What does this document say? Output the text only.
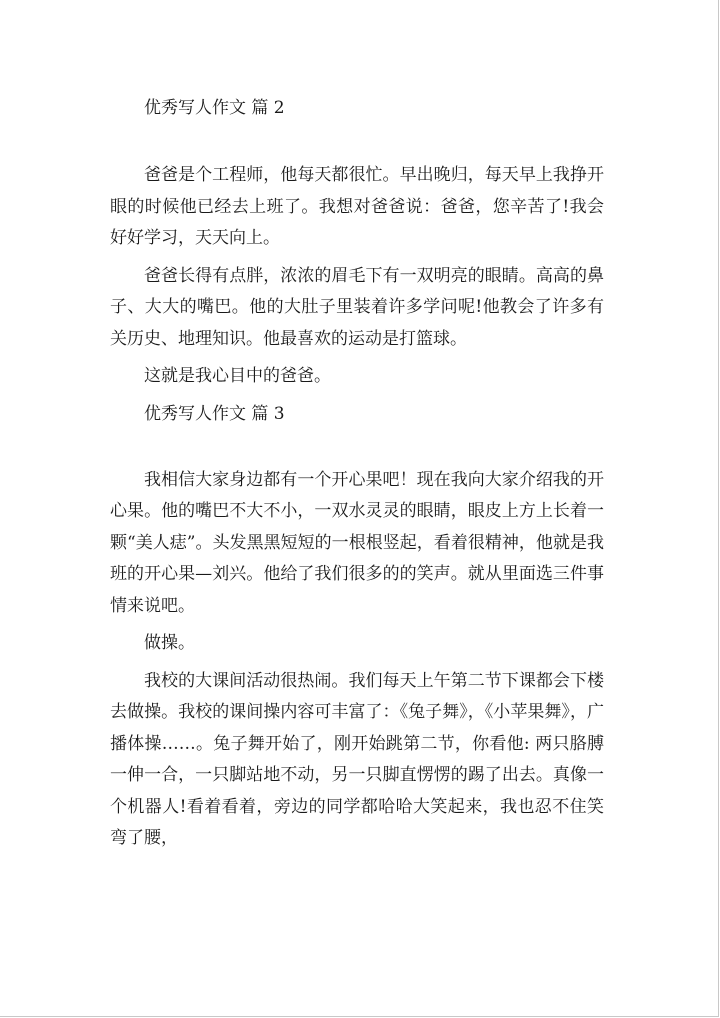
优秀写人作文 篇 2

爸爸是个工程师，他每天都很忙。早出晚归，每天早上我挣开眼的时候他已经去上班了。我想对爸爸说：爸爸，您辛苦了!我会好好学习，天天向上。

爸爸长得有点胖，浓浓的眉毛下有一双明亮的眼睛。高高的鼻子、大大的嘴巴。他的大肚子里装着许多学问呢!他教会了许多有关历史、地理知识。他最喜欢的运动是打篮球。

这就是我心目中的爸爸。

优秀写人作文 篇 3

我相信大家身边都有一个开心果吧！现在我向大家介绍我的开心果。他的嘴巴不大不小，一双水灵灵的眼睛，眼皮上方上长着一颗“美人痣”。头发黑黑短短的一根根竖起，看着很精神，他就是我班的开心果—刘兴。他给了我们很多的的笑声。就从里面选三件事情来说吧。

做操。

我校的大课间活动很热闹。我们每天上午第二节下课都会下楼去做操。我校的课间操内容可丰富了：《兔子舞》，《小苹果舞》，广播体操……。兔子舞开始了，刚开始跳第二节，你看他: 两只胳膊一伸一合，一只脚站地不动，另一只脚直愣愣的踢了出去。真像一个机器人!看着看着，旁边的同学都哈哈大笑起来，我也忍不住笑弯了腰，
